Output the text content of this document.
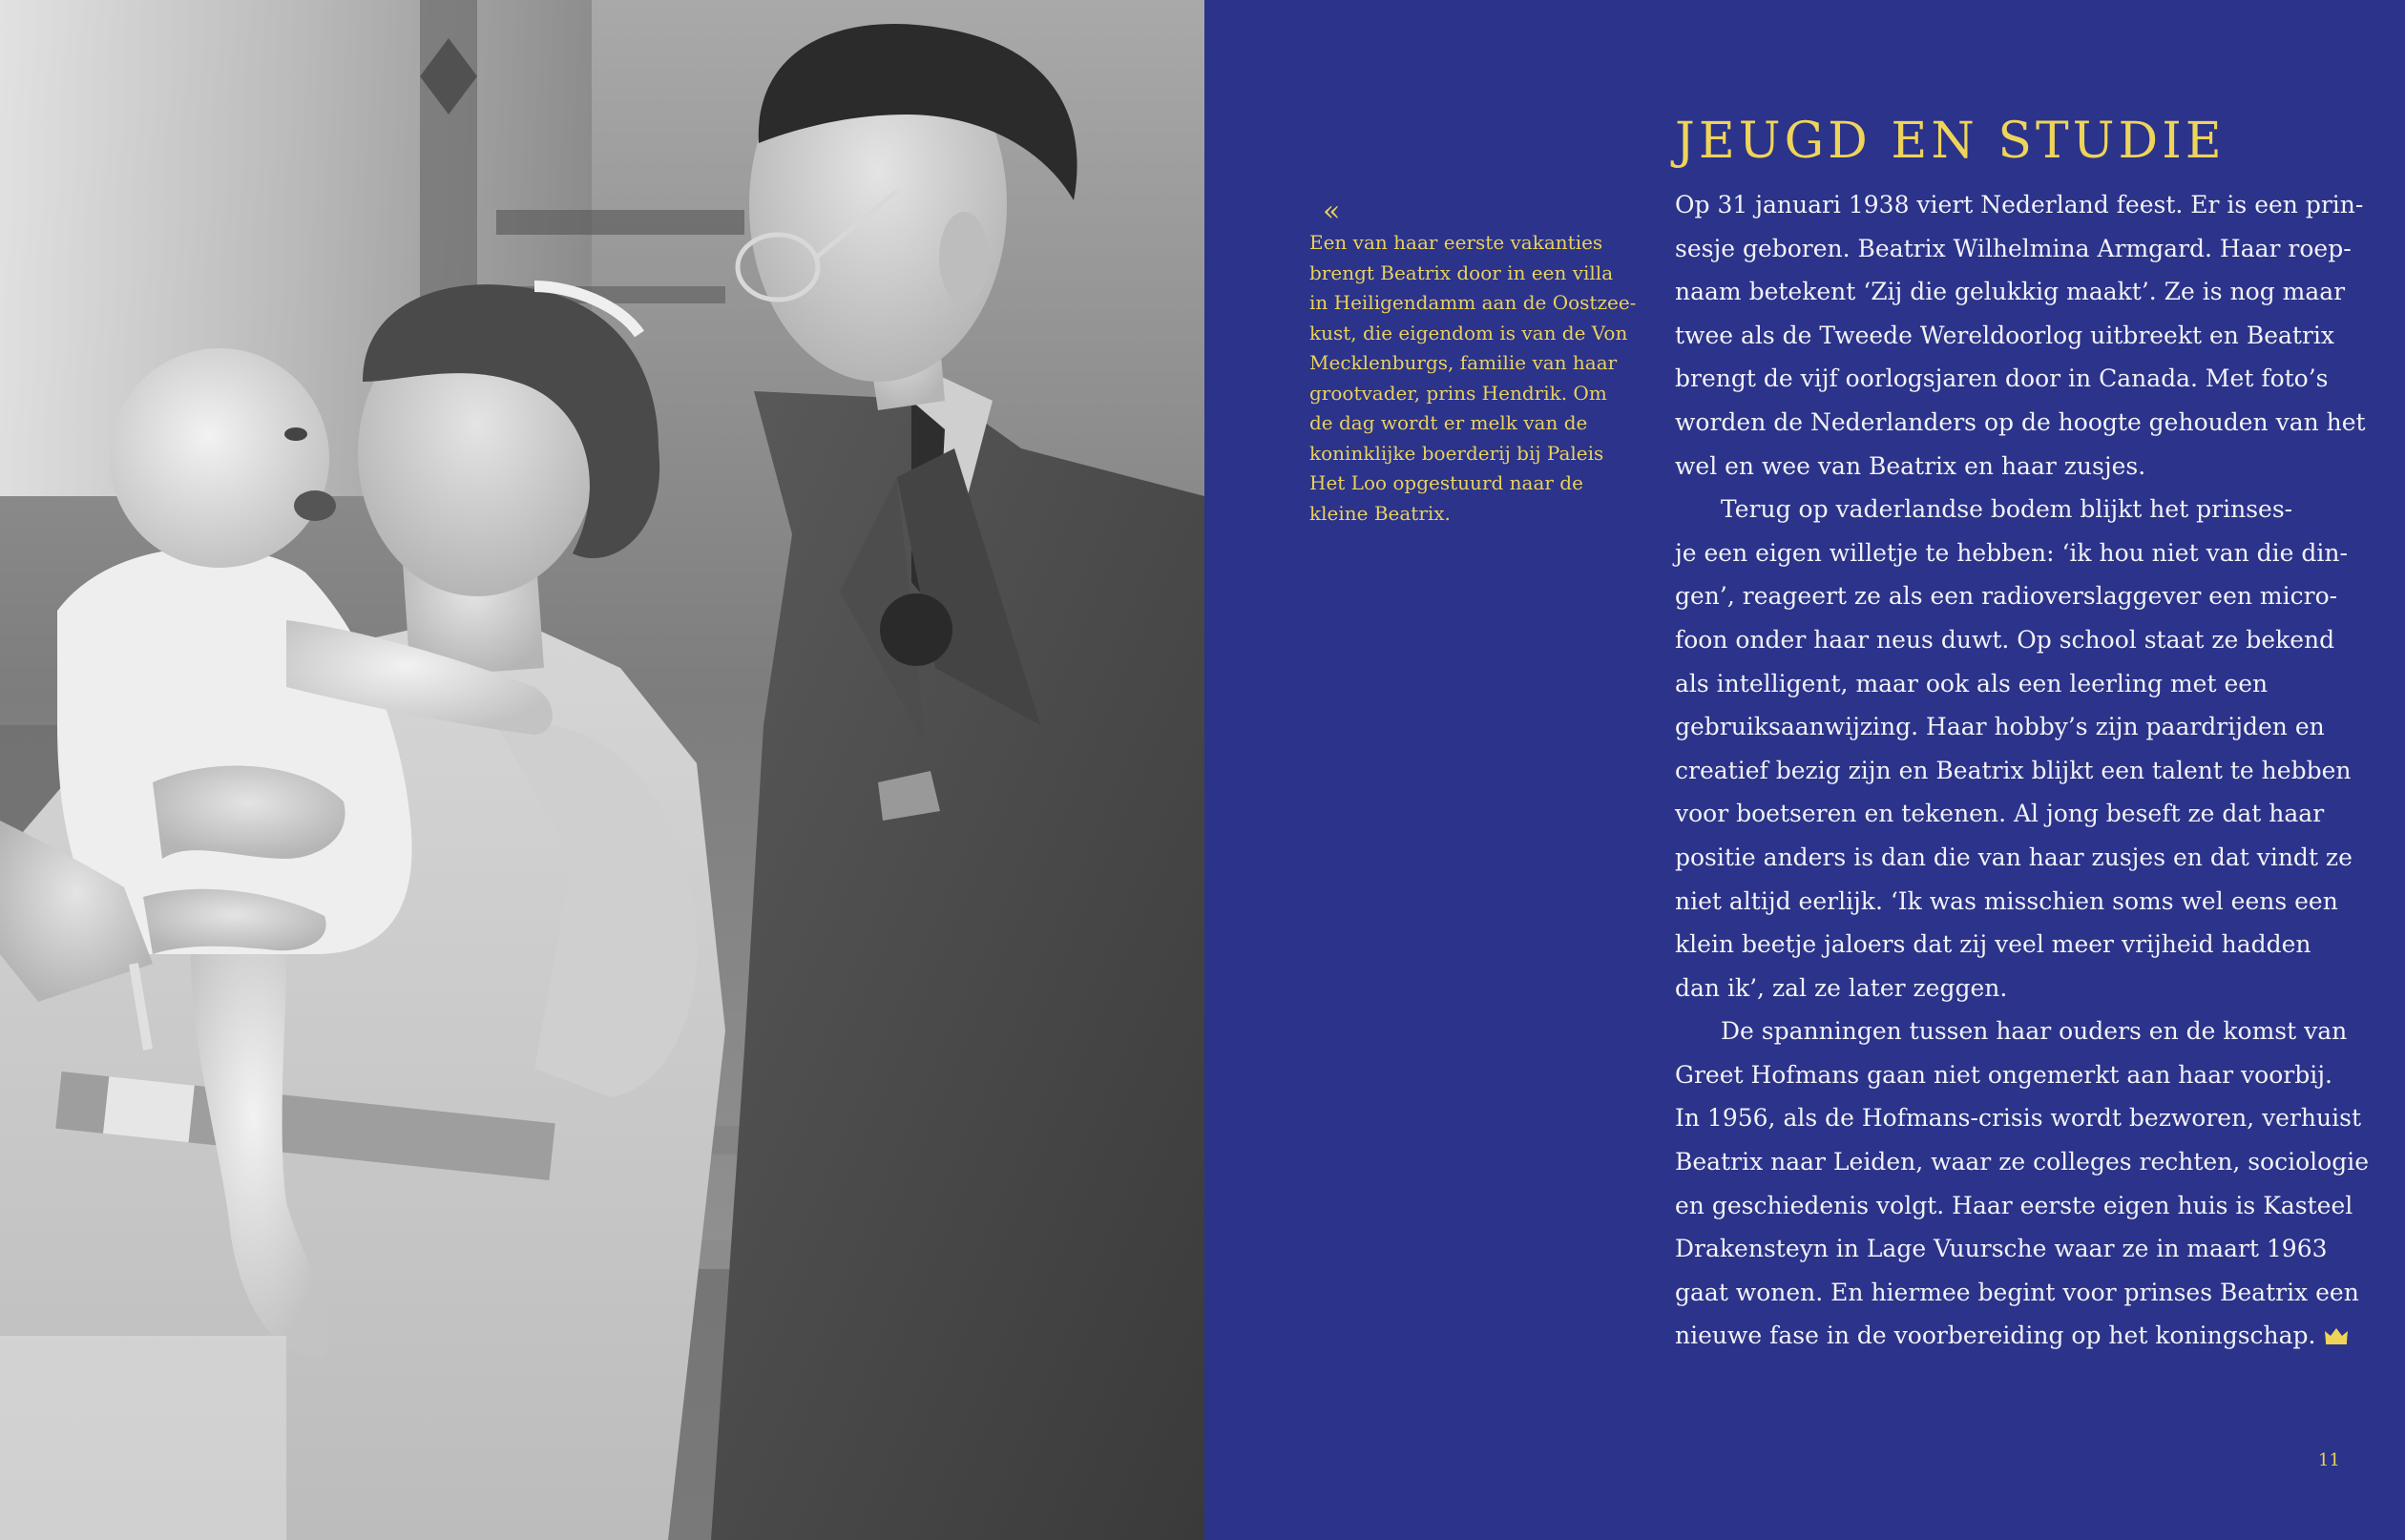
JEUGD EN STUDIE
«
Een van haar eerste vakanties
brengt Beatrix door in een villa
in Heiligendamm aan de Oostzee-
kust, die eigendom is van de Von
Mecklenburgs, familie van haar
grootvader, prins Hendrik. Om
de dag wordt er melk van de
koninklijke boerderij bij Paleis
Het Loo opgestuurd naar de
kleine Beatrix.
Op 31 januari 1938 viert Nederland feest. Er is een prin-
sesje geboren. Beatrix Wilhelmina Armgard. Haar roep-
naam betekent ‘Zij die gelukkig maakt’. Ze is nog maar
twee als de Tweede Wereldoorlog uitbreekt en Beatrix
brengt de vijf oorlogsjaren door in Canada. Met foto’s
worden de Nederlanders op de hoogte gehouden van het
wel en wee van Beatrix en haar zusjes.
Terug op vaderlandse bodem blijkt het prinses-
je een eigen willetje te hebben: ‘ik hou niet van die din-
gen’, reageert ze als een radioverslaggever een micro-
foon onder haar neus duwt. Op school staat ze bekend
als intelligent, maar ook als een leerling met een
gebruiksaanwijzing. Haar hobby’s zijn paardrijden en
creatief bezig zijn en Beatrix blijkt een talent te hebben
voor boetseren en tekenen. Al jong beseft ze dat haar
positie anders is dan die van haar zusjes en dat vindt ze
niet altijd eerlijk. ‘Ik was misschien soms wel eens een
klein beetje jaloers dat zij veel meer vrijheid hadden
dan ik’, zal ze later zeggen.
De spanningen tussen haar ouders en de komst van
Greet Hofmans gaan niet ongemerkt aan haar voorbij.
In 1956, als de Hofmans-crisis wordt bezworen, verhuist
Beatrix naar Leiden, waar ze colleges rechten, sociologie
en geschiedenis volgt. Haar eerste eigen huis is Kasteel
Drakensteyn in Lage Vuursche waar ze in maart 1963
gaat wonen. En hiermee begint voor prinses Beatrix een
nieuwe fase in de voorbereiding op het koningschap.
11
